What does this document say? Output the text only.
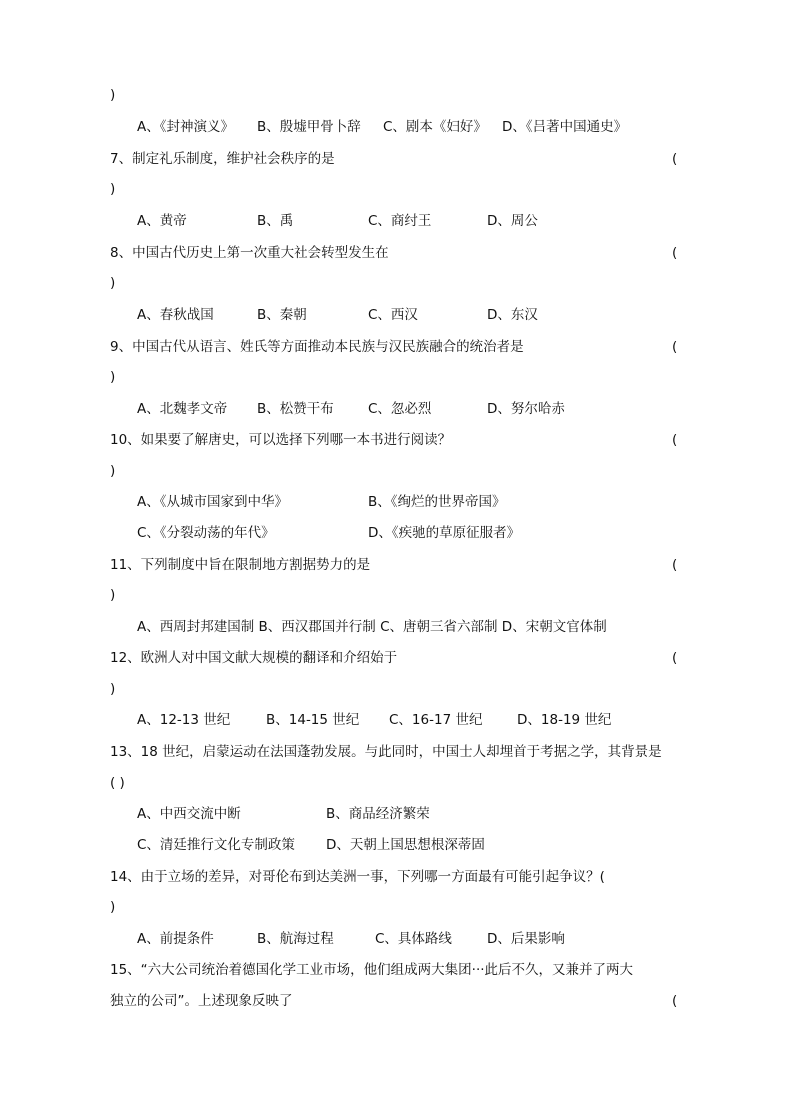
)
A、《封神演义》 B、殷墟甲骨卜辞 C、剧本《妇好》 D、《吕著中国通史》
7、制定礼乐制度，维护社会秩序的是	(
)
A、黄帝	B、禹	C、商纣王	D、周公
8、中国古代历史上第一次重大社会转型发生在	(
)
A、春秋战国	B、秦朝	C、西汉	D、东汉
9、中国古代从语言、姓氏等方面推动本民族与汉民族融合的统治者是	(
)
A、北魏孝文帝 B、松赞干布	C、忽必烈	D、努尔哈赤
10、如果要了解唐史，可以选择下列哪一本书进行阅读？	(
)
A、《从城市国家到中华》	B、《绚烂的世界帝国》
C、《分裂动荡的年代》	D、《疾驰的草原征服者》
11、下列制度中旨在限制地方割据势力的是	(
)
A、西周封邦建国制 B、西汉郡国并行制 C、唐朝三省六部制 D、宋朝文官体制
12、欧洲人对中国文献大规模的翻译和介绍始于	(
)
A、12-13 世纪	B、14-15 世纪 C、16-17 世纪	D、18-19 世纪
13、18 世纪，启蒙运动在法国蓬勃发展。与此同时，中国士人却埋首于考据之学，其背景是
( )
A、中西交流中断	B、商品经济繁荣
C、清廷推行文化专制政策 D、天朝上国思想根深蒂固
14、由于立场的差异，对哥伦布到达美洲一事，下列哪一方面最有可能引起争议？(
)
A、前提条件	B、航海过程	C、具体路线	D、后果影响
15、“六大公司统治着德国化学工业市场，他们组成两大集团···此后不久，又兼并了两大
独立的公司”。上述现象反映了	(
